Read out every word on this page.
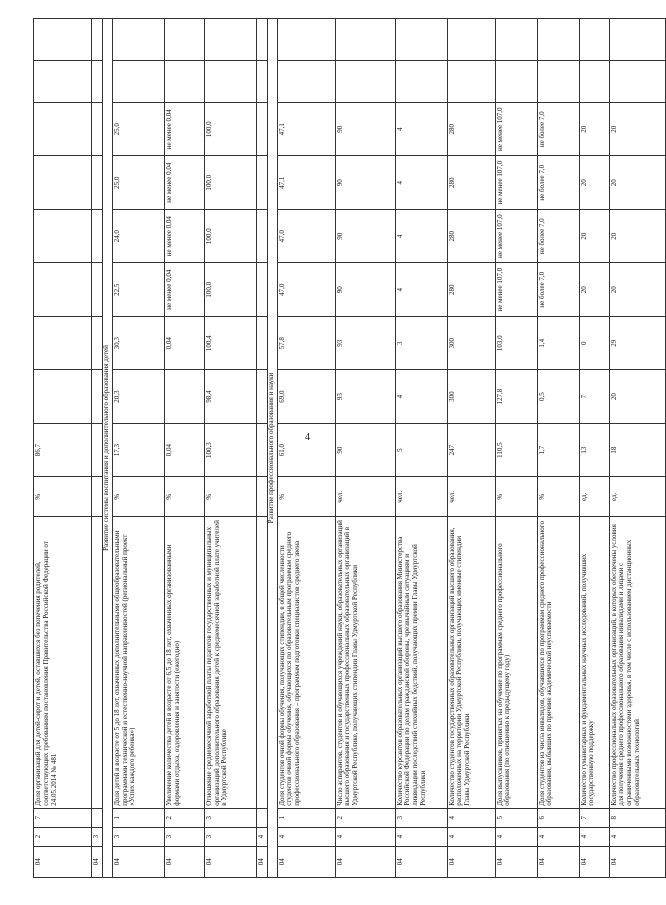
4
04	2	7	Доля организаций для детей-сирот и детей, оставшихся без попечения родителей, соответствующих требованиям постановления Правительства Российской Федерации от 24.05.2014 № 481	%	86,7								
04	3												
Развитие системы воспитания и дополнительного образования детей													
04	3	1	Доля детей в возрасте от 5 до 18 лет, охваченных дополнительными общеобразовательными программами технической и естественно-научной направленностей (региональный проект «Успех каждого ребенка»)	%	17,3	20,3	30,3	22,5	24,0	25,0	25,0		
04	3	2	Увеличение количества детей в возрасте от 6,5 до 18 лет, охваченных организованными формами отдыха, оздоровления и занятости (ежегодно)	%	0,04		0,04	не менее 0,04	не менее 0,04	не менее 0,04	не менее 0,04		
04	3	3	Отношение среднемесячной заработной платы педагогов государственных и муниципальных организаций дополнительного образования детей к среднемесячной заработной плате учителей в Удмуртской Республике	%	100,3	98,4	100,4	100,0	100,0	100,0	100,0		
04	4												
Развитие профессионального образования и науки													
04	4	1	Доля студентов очной формы обучения, получающих стипендии, в общей численности студентов очной формы обучения, обучающихся по образовательным программам среднего профессионального образования – программам подготовки специалистов среднего звена	%	61,0	69,0	57,8	47,0	47,0	47,1	47,1		
04	4	2	Число аспирантов, студентов и обучающихся учреждений науки, образовательных организаций высшего образования и государственных профессиональных образовательных организаций в Удмуртской Республике, получающих стипендии Главы Удмуртской Республики	чел.	90	93	93	90	90	90	90		
04	4	3	Количество курсантов образовательных организаций высшего образования Министерства Российской Федерации по делам гражданской обороны, чрезвычайным ситуациям и ликвидации последствий стихийных бедствий, получающих премии Главы Удмуртской Республики	чел.	5	4	3	4	4	4	4		
04	4	4	Количество студентов государственных образовательных организаций высшего образования, расположенных на территории Удмуртской Республики, получающих именные стипендии Главы Удмуртской Республики	чел.	247	300	300	280	280	280	280		
04	4	5	Доля выпускников, принятых на обучение по программам среднего профессионального образования (по отношению к предыдущему году)	%	110,5	127,8	103,0	не менее 107,0	не менее 107,0	не менее 107,0	не менее 107,0		
04	4	6	Доля студентов из числа инвалидов, обучавшихся по программам среднего профессионального образования, выбывших по причине академической неуспеваемости	%	1,7	0,5	1,4	не более 7,0	не более 7,0	не более 7,0	не более 7,0		
04	4	7	Количество гуманитарных и фундаментальных научных исследований, получивших государственную поддержку	ед.	13	7	0	20	20	20	20		
04	4	8	Количество профессиональных образовательных организаций, в которых обеспечены условия для получения среднего профессионального образования инвалидами и лицами с ограниченными возможностями здоровья, в том числе с использованием дистанционных образовательных технологий	ед.	18	20	29	20	20	20	20		
